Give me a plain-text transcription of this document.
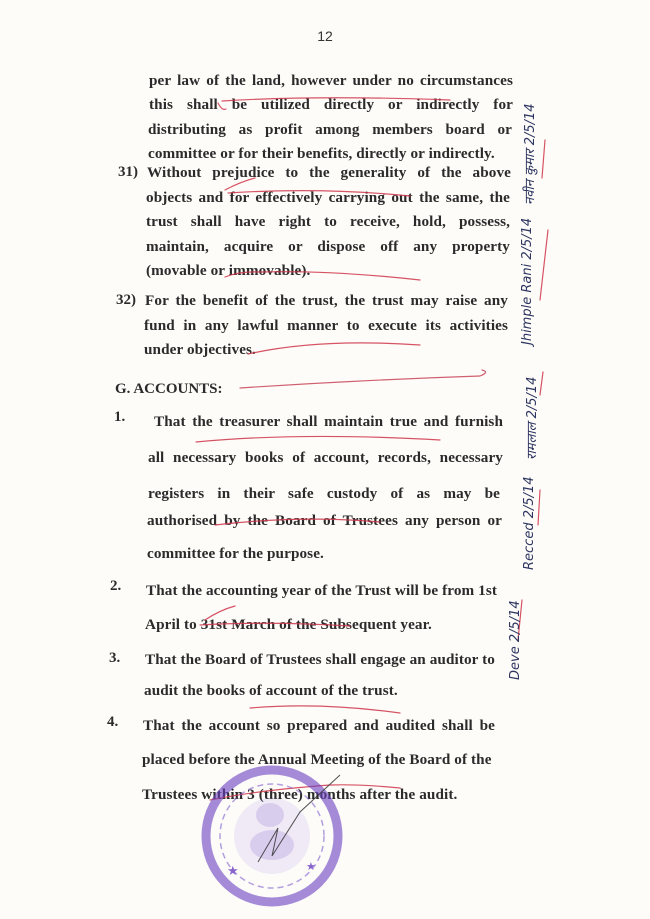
12
per law of the land, however under no circumstances
this shall be utilized directly or indirectly for
distributing as profit among members board or
committee or for their benefits, directly or indirectly.
31) Without prejudice to the generality of the above
objects and for effectively carrying out the same, the
trust shall have right to receive, hold, possess,
maintain, acquire or dispose off any property
(movable or immovable).
32) For the benefit of the trust, the trust may raise any
fund in any lawful manner to execute its activities
under objectives.
G. ACCOUNTS:
1. That the treasurer shall maintain true and furnish
all necessary books of account, records, necessary
registers in their safe custody of as may be
authorised by the Board of Trustees any person or
committee for the purpose.
2. That the accounting year of the Trust will be from 1st
April to 31st March of the Subsequent year.
3. That the Board of Trustees shall engage an auditor to
audit the books of account of the trust.
4. That the account so prepared and audited shall be
placed before the Annual Meeting of the Board of the
Trustees within 3 (three) months after the audit.
नवीन कुमार 2/5/14
Jhimple Rani 2/5/14
रामलाल 2/5/14
Recced 2/5/14
Deve 2/5/14
★	★
